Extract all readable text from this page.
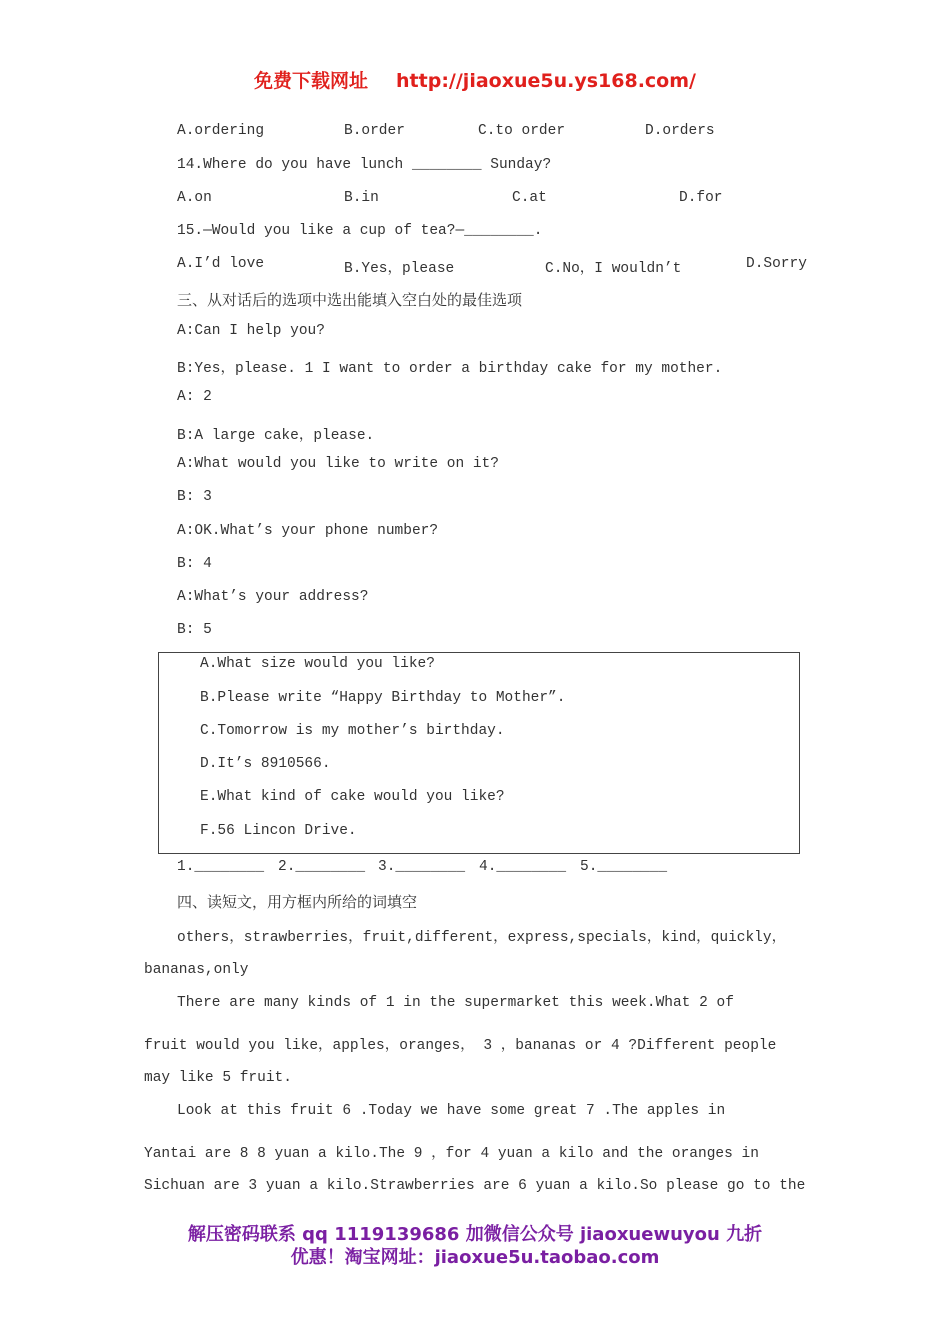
免费下载网址 http://jiaoxue5u.ys168.com/
A.ordering	B.order	C.to order	D.orders
14.Where do you have lunch ________ Sunday?
A.on	B.in	C.at	D.for
15.—Would you like a cup of tea?—________.
A.I’d love	B.Yes，please	C.No，I wouldn’t	D.Sorry
三、从对话后的选项中选出能填入空白处的最佳选项
A:Can I help you?
B:Yes，please. 1 I want to order a birthday cake for my mother.
A: 2
B:A large cake，please.
A:What would you like to write on it?
B: 3
A:OK.What’s your phone number?
B: 4
A:What’s your address?
B: 5
A.What size would you like?
B.Please write “Happy Birthday to Mother”.
C.Tomorrow is my mother’s birthday.
D.It’s 8910566.
E.What kind of cake would you like?
F.56 Lincon Drive.
1.________ 2.________ 3.________ 4.________ 5.________
四、读短文，用方框内所给的词填空
others，strawberries，fruit,different，express,specials，kind，quickly，
bananas,only
There are many kinds of 1 in the supermarket this week.What 2 of
fruit would you like，apples，oranges， 3 ，bananas or 4 ?Different people
may like 5 fruit.
Look at this fruit 6 .Today we have some great 7 .The apples in
Yantai are 8 8 yuan a kilo.The 9 ，for 4 yuan a kilo and the oranges in
Sichuan are 3 yuan a kilo.Strawberries are 6 yuan a kilo.So please go to the
解压密码联系 qq 1119139686 加微信公众号 jiaoxuewuyou 九折
优惠！淘宝网址：jiaoxue5u.taobao.com
